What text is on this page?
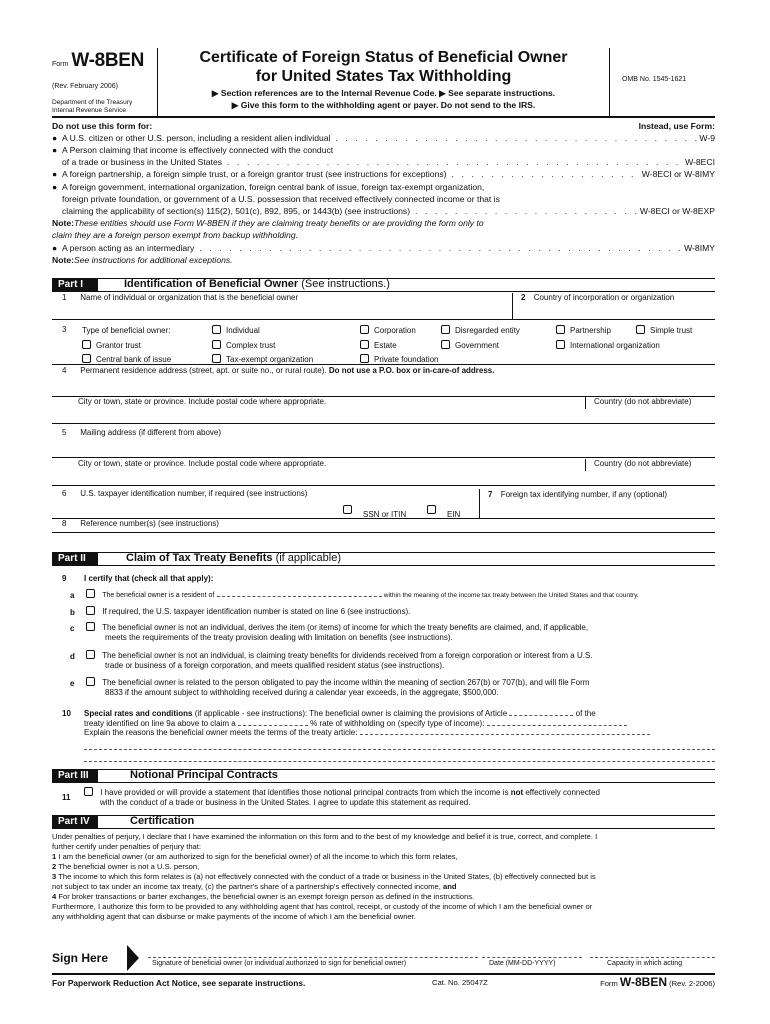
Form W-8BEN
(Rev. February 2006)
Department of the Treasury
Internal Revenue Service
Certificate of Foreign Status of Beneficial Owner
for United States Tax Withholding
▶ Section references are to the Internal Revenue Code. ▶ See separate instructions.
▶ Give this form to the withholding agent or payer. Do not send to the IRS.
OMB No. 1545-1621
Do not use this form for:	Instead, use Form:
● A U.S. citizen or other U.S. person, including a resident alien individual . . .	W-9
● A Person claiming that income is effectively connected with the conduct
of a trade or business in the United States . . .	W-8ECI
● A foreign partnership, a foreign simple trust, or a foreign grantor trust (see instructions for exceptions) . . .	W-8ECI or W-8IMY
● A foreign government, international organization, foreign central bank of issue, foreign tax-exempt organization,
foreign private foundation, or government of a U.S. possession that received effectively connected income or that is
claiming the applicability of section(s) 115(2), 501(c), 892, 895, or 1443(b) (see instructions) . . .	W-8ECI or W-8EXP
Note:These entities should use Form W-8BEN if they are claiming treaty benefits or are providing the form only to
claim they are a foreign person exempt from backup withholding.
● A person acting as an intermediary . . .	W-8IMY
Note:See instructions for additional exceptions.
Part I	Identification of Beneficial Owner (See instructions.)
1 Name of individual or organization that is the beneficial owner	2 Country of incorporation or organization
3 Type of beneficial owner:	Individual	Corporation	Disregarded entity	Partnership	Simple trust
Grantor trust	Complex trust	Estate	Government	International organization
Central bank of issue	Tax-exempt organization	Private foundation
4 Permanent residence address (street, apt. or suite no., or rural route). Do not use a P.O. box or in-care-of address.
City or town, state or province. Include postal code where appropriate.	Country (do not abbreviate)
5 Mailing address (if different from above)
City or town, state or province. Include postal code where appropriate.	Country (do not abbreviate)
6 U.S. taxpayer identification number, if required (see instructions)
SSN or ITIN	EIN
7 Foreign tax identifying number, if any (optional)
8 Reference number(s) (see instructions)
Part II	Claim of Tax Treaty Benefits (if applicable)
9 I certify that (check all that apply):
a	The beneficial owner is a resident of	within the meaning of the income tax treaty between the United States and that country.
b	If required, the U.S. taxpayer identification number is stated on line 6 (see instructions).
c	The beneficial owner is not an individual, derives the item (or items) of income for which the treaty benefits are claimed, and, if applicable,
meets the requirements of the treaty provision dealing with limitation on benefits (see instructions).
d	The beneficial owner is not an individual, is claiming treaty benefits for dividends received from a foreign corporation or interest from a U.S.
trade or business of a foreign corporation, and meets qualified resident status (see instructions).
e	The beneficial owner is related to the person obligated to pay the income within the meaning of section 267(b) or 707(b), and will file Form
8833 if the amount subject to withholding received during a calendar year exceeds, in the aggregate, $500,000.
10 Special rates and conditions (if applicable - see instructions): The beneficial owner is claiming the provisions of Article	of the
treaty identified on line 9a above to claim a	% rate of withholding on (specify type of income):
Explain the reasons the beneficial owner meets the terms of the treaty article:

Part III	Notional Principal Contracts
11
I have provided or will provide a statement that identifies those notional principal contracts from which the income is not effectively connected
with the conduct of a trade or business in the United States. I agree to update this statement as required.
Part IV	Certification
Under penalties of perjury, I declare that I have examined the information on this form and to the best of my knowledge and belief it is true, correct, and complete. I
further certify under penalties of perjury that:
1 I am the beneficial owner (or am authorized to sign for the beneficial owner) of all the income to which this form relates,
2 The beneficial owner is not a U.S. person,
3 The income to which this form relates is (a) not effectively connected with the conduct of a trade or business in the United States, (b) effectively connected but is
not subject to tax under an income tax treaty, (c) the partner's share of a partnership's effectively connected income, and
4 For broker transactions or barter exchanges, the beneficial owner is an exempt foreign person as defined in the instructions.
Furthermore, I authorize this form to be provided to any withholding agent that has control, receipt, or custody of the income of which I am the beneficial owner or
any withholding agent that can disburse or make payments of the income of which I am the beneficial owner.
Sign Here	Signature of beneficial owner (or individual authorized to sign for beneficial owner)	Date (MM-DD-YYYY)	Capacity in which acting
For Paperwork Reduction Act Notice, see separate instructions.	Cat. No. 25047Z	Form W-8BEN (Rev. 2-2006)
